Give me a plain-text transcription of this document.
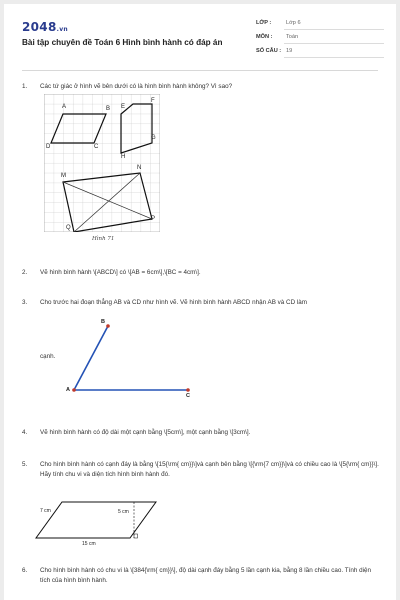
2048.vn
Bài tập chuyên đề Toán 6 Hình bình hành có đáp án
LỚP :	Lớp 6
MÔN : Toán
SỐ CÂU : 19
1. Các tứ giác ở hình vẽ bên dưới có là hình bình hành không? Vì sao?
A	B
C
D
E
F
G
H
M
N
P
Q
Hình 71
2. Vẽ hình bình hành \[ABCD\] có \[AB = 6cm\],\[BC = 4cm\].
3. Cho trước hai đoạn thẳng AB và CD như hình vẽ. Vẽ hình bình hành ABCD nhận AB và CD làm
B
A
C
cạnh.
4. Vẽ hình bình hành có độ dài một cạnh bằng \[5cm\], một cạnh bằng \[3cm\].
5. Cho hình bình hành có cạnh đáy là bằng \[15{\rm{ cm}}\]và cạnh bên bằng \[{\rm{7 cm}}\]và có chiều cao là \[5{\rm{ cm}}\]. Hãy tính chu vi và diện tích hình bình hành đó.
7 cm	5 cm
15 cm
6. Cho hình bình hành có chu vi là \[384{\rm{ cm}}\], độ dài cạnh đáy bằng 5 lần cạnh kia, bằng 8 lần chiều cao. Tính diện tích của hình bình hành.
